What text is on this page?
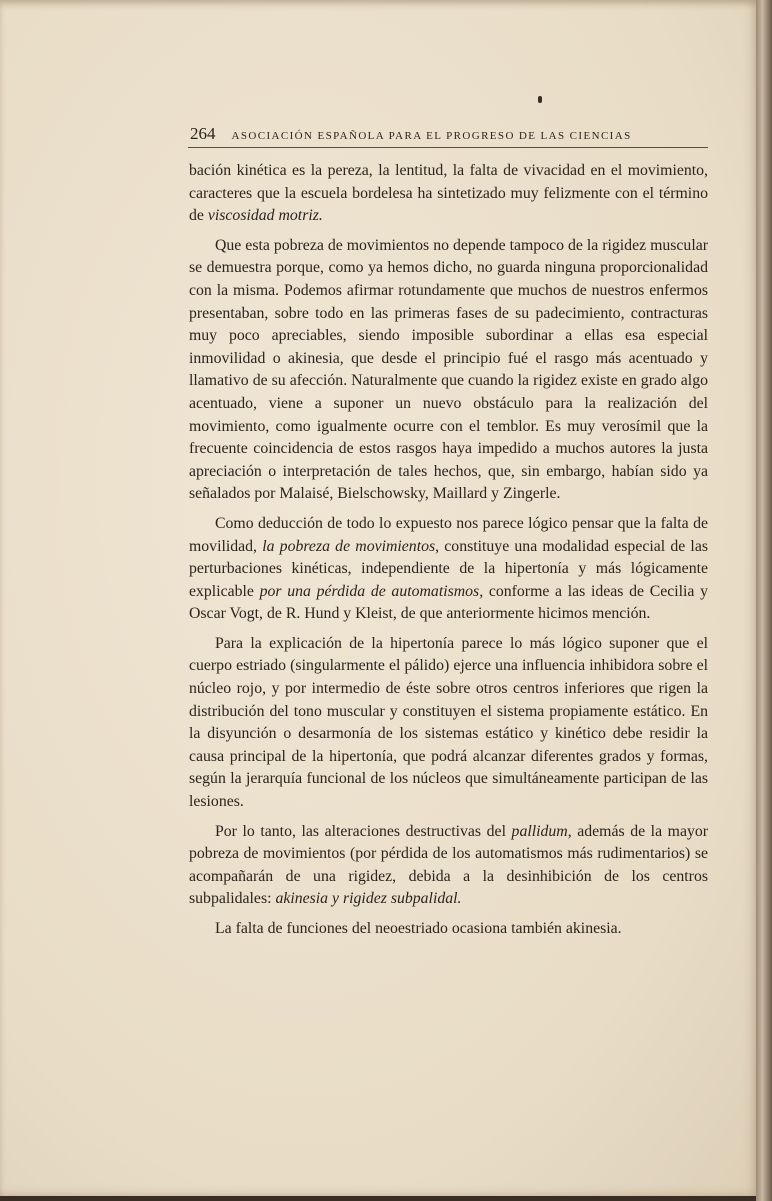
264 ASOCIACIÓN ESPAÑOLA PARA EL PROGRESO DE LAS CIENCIAS

bación kinética es la pereza, la lentitud, la falta de vivacidad en el movimiento, caracteres que la escuela bordelesa ha sintetizado muy felizmente con el término de viscosidad motriz.

Que esta pobreza de movimientos no depende tampoco de la rigidez muscular se demuestra porque, como ya hemos dicho, no guarda ninguna proporcionalidad con la misma. Podemos afirmar rotundamente que muchos de nuestros enfermos presentaban, sobre todo en las primeras fases de su padecimiento, contracturas muy poco apreciables, siendo imposible subordinar a ellas esa especial inmovilidad o akinesia, que desde el principio fué el rasgo más acentuado y llamativo de su afección. Naturalmente que cuando la rigidez existe en grado algo acentuado, viene a suponer un nuevo obstáculo para la realización del movimiento, como igualmente ocurre con el temblor. Es muy verosímil que la frecuente coincidencia de estos rasgos haya impedido a muchos autores la justa apreciación o interpretación de tales hechos, que, sin embargo, habían sido ya señalados por Malaisé, Bielschowsky, Maillard y Zingerle.

Como deducción de todo lo expuesto nos parece lógico pensar que la falta de movilidad, la pobreza de movimientos, constituye una modalidad especial de las perturbaciones kinéticas, independiente de la hipertonía y más lógicamente explicable por una pérdida de automatismos, conforme a las ideas de Cecilia y Oscar Vogt, de R. Hund y Kleist, de que anteriormente hicimos mención.

Para la explicación de la hipertonía parece lo más lógico suponer que el cuerpo estriado (singularmente el pálido) ejerce una influencia inhibidora sobre el núcleo rojo, y por intermedio de éste sobre otros centros inferiores que rigen la distribución del tono muscular y constituyen el sistema propiamente estático. En la disyunción o desarmonía de los sistemas estático y kinético debe residir la causa principal de la hipertonía, que podrá alcanzar diferentes grados y formas, según la jerarquía funcional de los núcleos que simultáneamente participan de las lesiones.

Por lo tanto, las alteraciones destructivas del pallidum, además de la mayor pobreza de movimientos (por pérdida de los automatismos más rudimentarios) se acompañarán de una rigidez, debida a la desinhibición de los centros subpalidales: akinesia y rigidez subpalidal.

La falta de funciones del neoestriado ocasiona también akinesia.
